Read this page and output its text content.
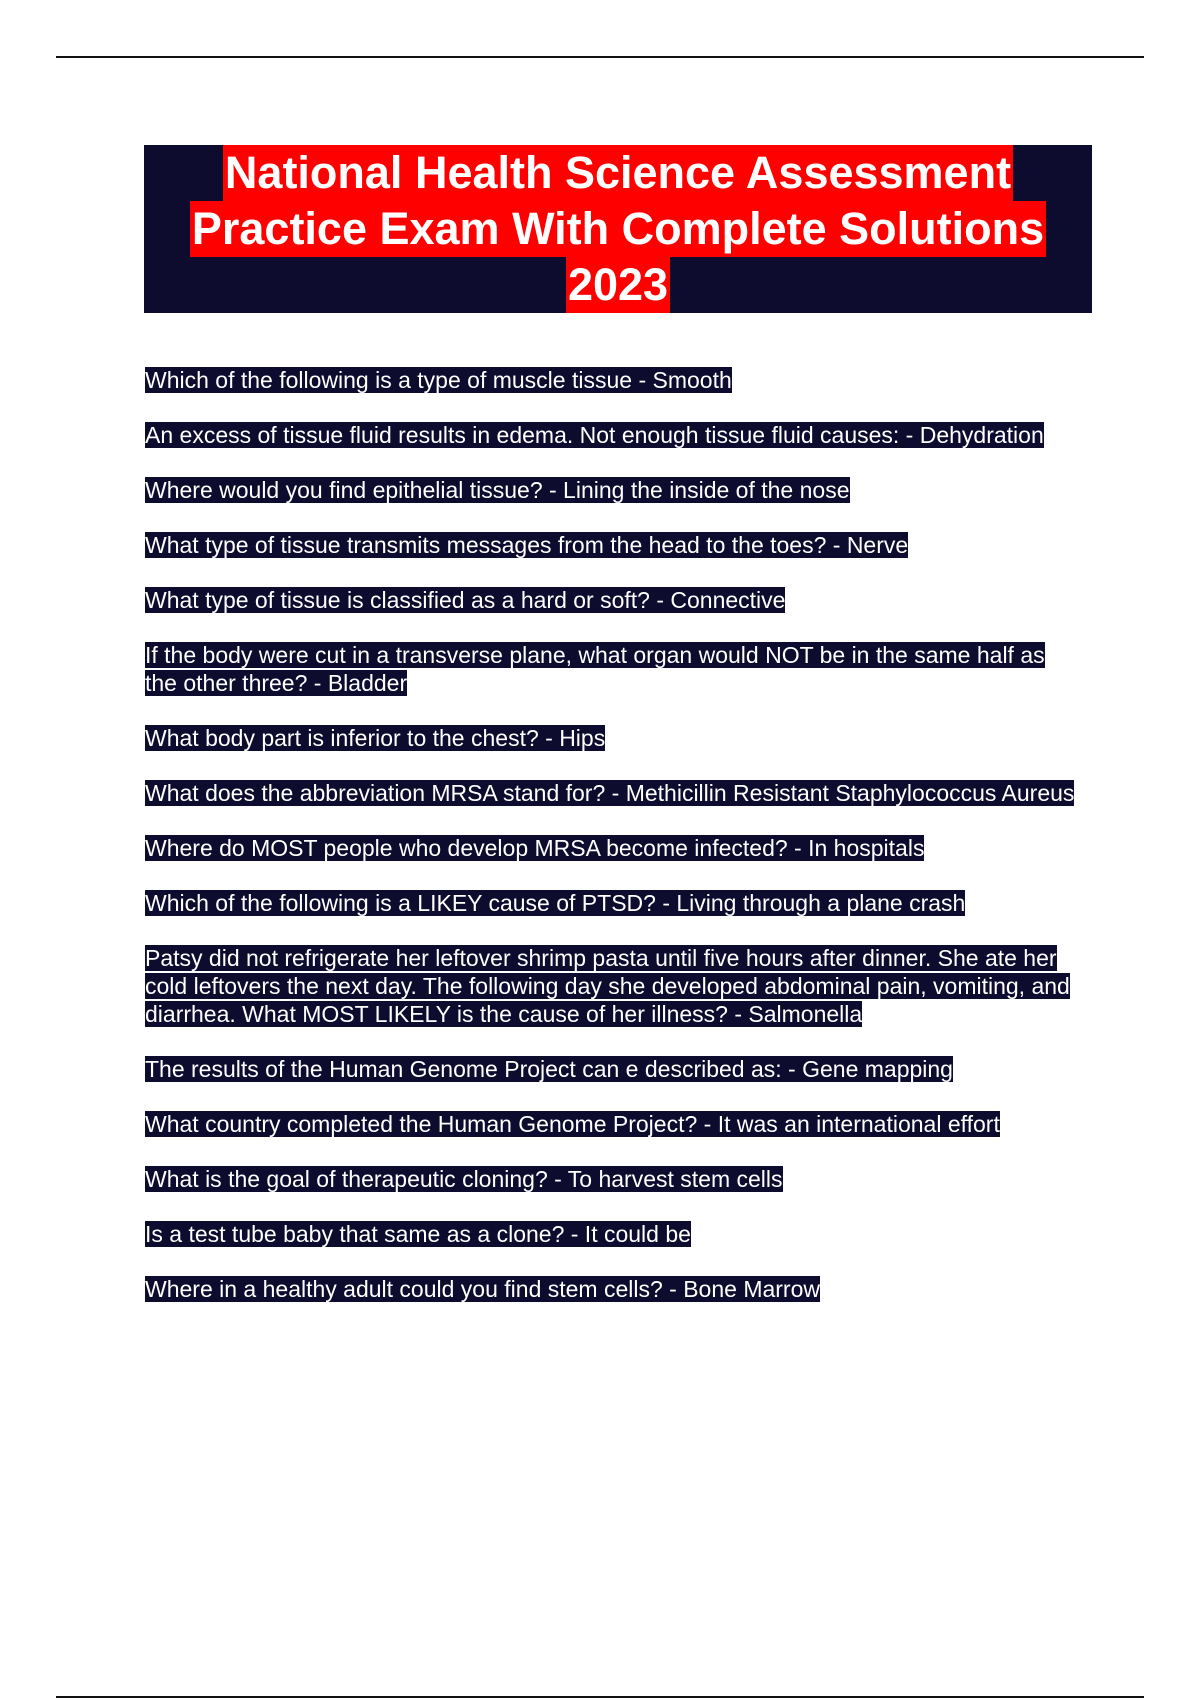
National Health Science Assessment
Practice Exam With Complete Solutions
2023

Which of the following is a type of muscle tissue - Smooth

An excess of tissue fluid results in edema. Not enough tissue fluid causes: - Dehydration

Where would you find epithelial tissue? - Lining the inside of the nose

What type of tissue transmits messages from the head to the toes? - Nerve

What type of tissue is classified as a hard or soft? - Connective

If the body were cut in a transverse plane, what organ would NOT be in the same half as the other three? - Bladder

What body part is inferior to the chest? - Hips

What does the abbreviation MRSA stand for? - Methicillin Resistant Staphylococcus Aureus

Where do MOST people who develop MRSA become infected? - In hospitals

Which of the following is a LIKEY cause of PTSD? - Living through a plane crash

Patsy did not refrigerate her leftover shrimp pasta until five hours after dinner. She ate her cold leftovers the next day. The following day she developed abdominal pain, vomiting, and diarrhea. What MOST LIKELY is the cause of her illness? - Salmonella

The results of the Human Genome Project can e described as: - Gene mapping

What country completed the Human Genome Project? - It was an international effort

What is the goal of therapeutic cloning? - To harvest stem cells

Is a test tube baby that same as a clone? - It could be

Where in a healthy adult could you find stem cells? - Bone Marrow
